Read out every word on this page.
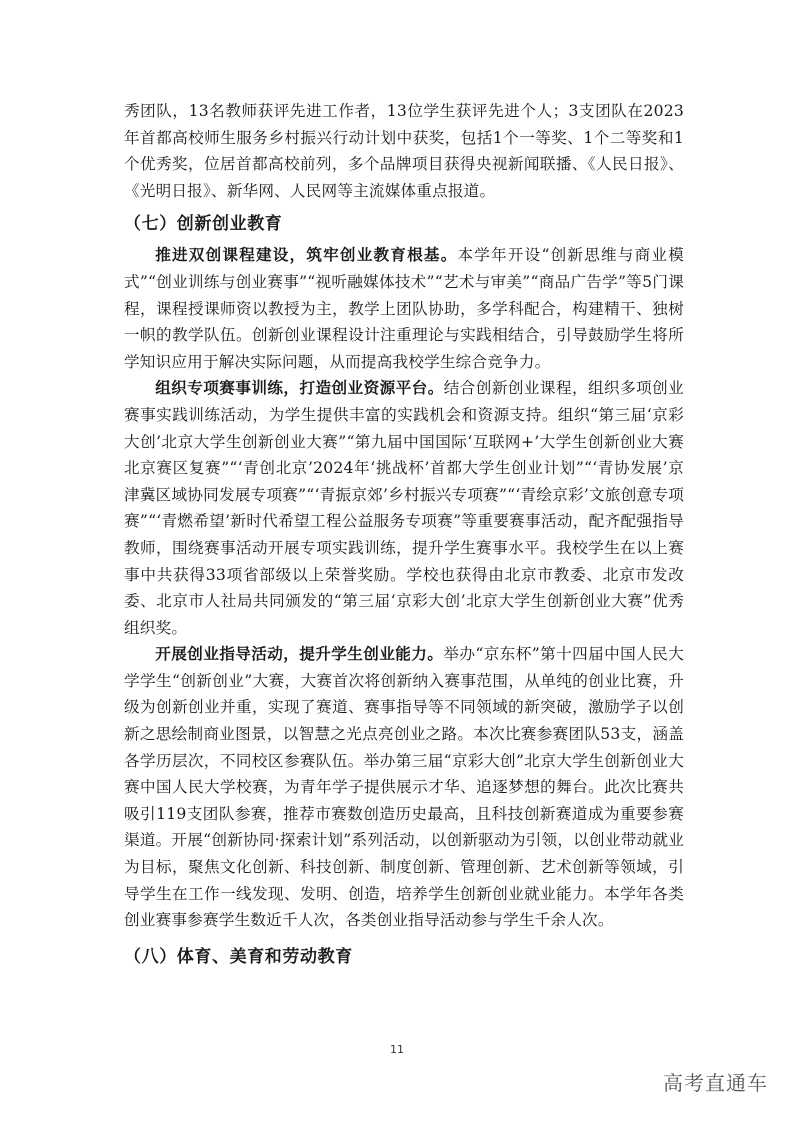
秀团队，13名教师获评先进工作者，13位学生获评先进个人；3支团队在2023年首都高校师生服务乡村振兴行动计划中获奖，包括1个一等奖、1个二等奖和1个优秀奖，位居首都高校前列，多个品牌项目获得央视新闻联播、《人民日报》、《光明日报》、新华网、人民网等主流媒体重点报道。

（七）创新创业教育

推进双创课程建设，筑牢创业教育根基。本学年开设“创新思维与商业模式”“创业训练与创业赛事”“视听融媒体技术”“艺术与审美”“商品广告学”等5门课程，课程授课师资以教授为主，教学上团队协助，多学科配合，构建精干、独树一帜的教学队伍。创新创业课程设计注重理论与实践相结合，引导鼓励学生将所学知识应用于解决实际问题，从而提高我校学生综合竞争力。

组织专项赛事训练，打造创业资源平台。结合创新创业课程，组织多项创业赛事实践训练活动，为学生提供丰富的实践机会和资源支持。组织“第三届‘京彩大创’北京大学生创新创业大赛”“第九届中国国际‘互联网+’大学生创新创业大赛北京赛区复赛”“‘青创北京’2024年‘挑战杯’首都大学生创业计划”“‘青协发展’京津冀区域协同发展专项赛”“‘青振京郊’乡村振兴专项赛”“‘青绘京彩’文旅创意专项赛”“‘青燃希望’新时代希望工程公益服务专项赛”等重要赛事活动，配齐配强指导教师，围绕赛事活动开展专项实践训练，提升学生赛事水平。我校学生在以上赛事中共获得33项省部级以上荣誉奖励。学校也获得由北京市教委、北京市发改委、北京市人社局共同颁发的“第三届‘京彩大创’北京大学生创新创业大赛”优秀组织奖。

开展创业指导活动，提升学生创业能力。举办“京东杯”第十四届中国人民大学学生“创新创业”大赛，大赛首次将创新纳入赛事范围，从单纯的创业比赛，升级为创新创业并重，实现了赛道、赛事指导等不同领域的新突破，激励学子以创新之思绘制商业图景，以智慧之光点亮创业之路。本次比赛参赛团队53支，涵盖各学历层次，不同校区参赛队伍。举办第三届“京彩大创”北京大学生创新创业大赛中国人民大学校赛，为青年学子提供展示才华、追逐梦想的舞台。此次比赛共吸引119支团队参赛，推荐市赛数创造历史最高，且科技创新赛道成为重要参赛渠道。开展“创新协同·探索计划”系列活动，以创新驱动为引领，以创业带动就业为目标，聚焦文化创新、科技创新、制度创新、管理创新、艺术创新等领域，引导学生在工作一线发现、发明、创造，培养学生创新创业就业能力。本学年各类创业赛事参赛学生数近千人次，各类创业指导活动参与学生千余人次。

（八）体育、美育和劳动教育
11
高考直通车
